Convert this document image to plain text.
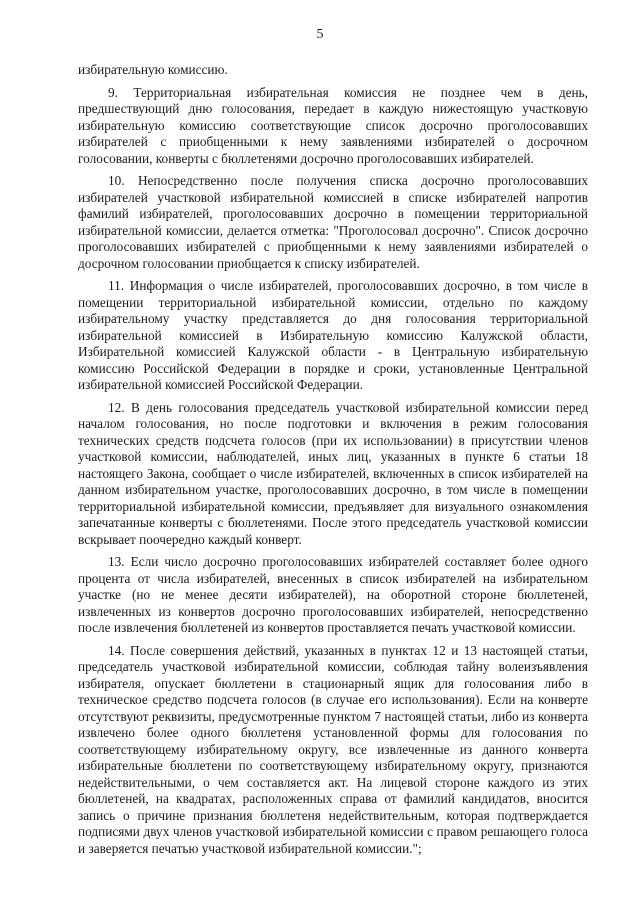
5

избирательную комиссию.

9. Территориальная избирательная комиссия не позднее чем в день, предшествующий дню голосования, передает в каждую нижестоящую участковую избирательную комиссию соответствующие список досрочно проголосовавших избирателей с приобщенными к нему заявлениями избирателей о досрочном голосовании, конверты с бюллетенями досрочно проголосовавших избирателей.

10. Непосредственно после получения списка досрочно проголосовавших избирателей участковой избирательной комиссией в списке избирателей напротив фамилий избирателей, проголосовавших досрочно в помещении территориальной избирательной комиссии, делается отметка: "Проголосовал досрочно". Список досрочно проголосовавших избирателей с приобщенными к нему заявлениями избирателей о досрочном голосовании приобщается к списку избирателей.

11. Информация о числе избирателей, проголосовавших досрочно, в том числе в помещении территориальной избирательной комиссии, отдельно по каждому избирательному участку представляется до дня голосования территориальной избирательной комиссией в Избирательную комиссию Калужской области, Избирательной комиссией Калужской области - в Центральную избирательную комиссию Российской Федерации в порядке и сроки, установленные Центральной избирательной комиссией Российской Федерации.

12. В день голосования председатель участковой избирательной комиссии перед началом голосования, но после подготовки и включения в режим голосования технических средств подсчета голосов (при их использовании) в присутствии членов участковой комиссии, наблюдателей, иных лиц, указанных в пункте 6 статьи 18 настоящего Закона, сообщает о числе избирателей, включенных в список избирателей на данном избирательном участке, проголосовавших досрочно, в том числе в помещении территориальной избирательной комиссии, предъявляет для визуального ознакомления запечатанные конверты с бюллетенями. После этого председатель участковой комиссии вскрывает поочередно каждый конверт.

13. Если число досрочно проголосовавших избирателей составляет более одного процента от числа избирателей, внесенных в список избирателей на избирательном участке (но не менее десяти избирателей), на оборотной стороне бюллетеней, извлеченных из конвертов досрочно проголосовавших избирателей, непосредственно после извлечения бюллетеней из конвертов проставляется печать участковой комиссии.

14. После совершения действий, указанных в пунктах 12 и 13 настоящей статьи, председатель участковой избирательной комиссии, соблюдая тайну волеизъявления избирателя, опускает бюллетени в стационарный ящик для голосования либо в техническое средство подсчета голосов (в случае его использования). Если на конверте отсутствуют реквизиты, предусмотренные пунктом 7 настоящей статьи, либо из конверта извлечено более одного бюллетеня установленной формы для голосования по соответствующему избирательному округу, все извлеченные из данного конверта избирательные бюллетени по соответствующему избирательному округу, признаются недействительными, о чем составляется акт. На лицевой стороне каждого из этих бюллетеней, на квадратах, расположенных справа от фамилий кандидатов, вносится запись о причине признания бюллетеня недействительным, которая подтверждается подписями двух членов участковой избирательной комиссии с правом решающего голоса и заверяется печатью участковой избирательной комиссии.";
